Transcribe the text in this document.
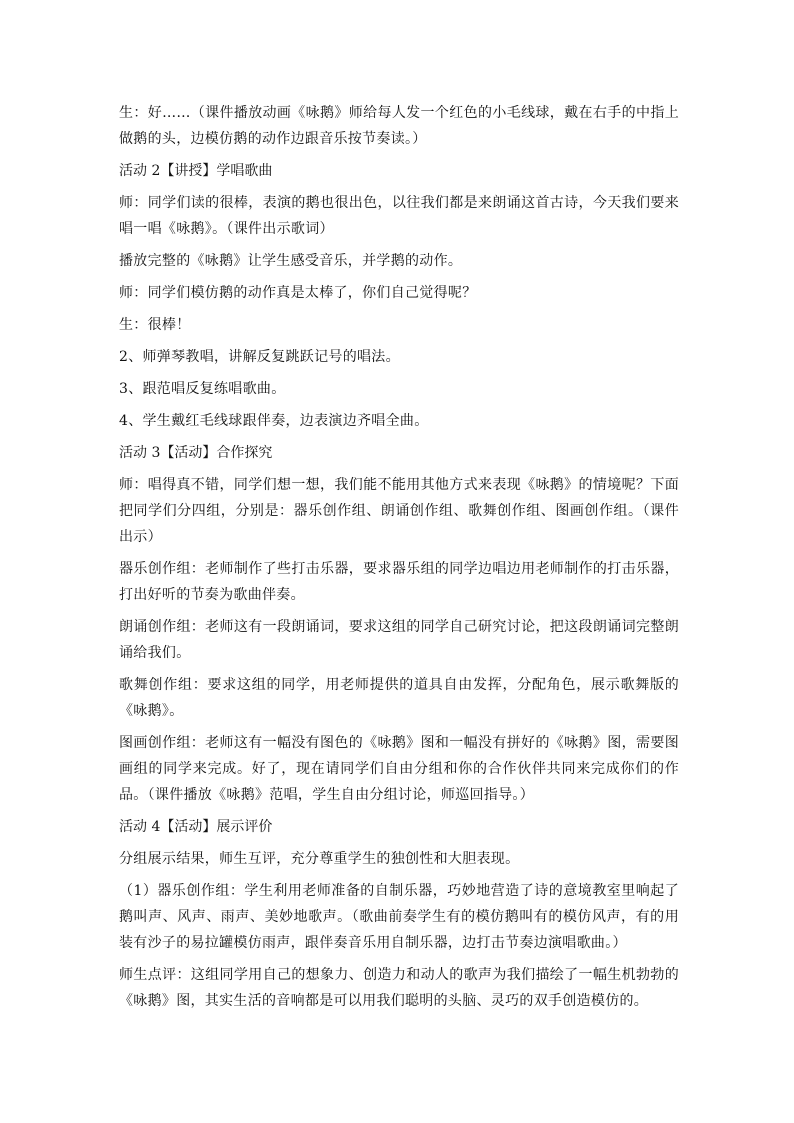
生：好……（课件播放动画《咏鹅》师给每人发一个红色的小毛线球，戴在右手的中指上做鹅的头，边模仿鹅的动作边跟音乐按节奏读。）

活动 2【讲授】学唱歌曲

师：同学们读的很棒，表演的鹅也很出色，以往我们都是来朗诵这首古诗，今天我们要来唱一唱《咏鹅》。（课件出示歌词）

播放完整的《咏鹅》让学生感受音乐，并学鹅的动作。

师：同学们模仿鹅的动作真是太棒了，你们自己觉得呢？

生：很棒！

2、师弹琴教唱，讲解反复跳跃记号的唱法。

3、跟范唱反复练唱歌曲。

4、学生戴红毛线球跟伴奏，边表演边齐唱全曲。

活动 3【活动】合作探究

师：唱得真不错，同学们想一想，我们能不能用其他方式来表现《咏鹅》的情境呢？下面把同学们分四组，分别是：器乐创作组、朗诵创作组、歌舞创作组、图画创作组。（课件出示）

器乐创作组：老师制作了些打击乐器，要求器乐组的同学边唱边用老师制作的打击乐器，打出好听的节奏为歌曲伴奏。

朗诵创作组：老师这有一段朗诵词，要求这组的同学自己研究讨论，把这段朗诵词完整朗诵给我们。

歌舞创作组：要求这组的同学，用老师提供的道具自由发挥，分配角色，展示歌舞版的《咏鹅》。

图画创作组：老师这有一幅没有图色的《咏鹅》图和一幅没有拼好的《咏鹅》图，需要图画组的同学来完成。好了，现在请同学们自由分组和你的合作伙伴共同来完成你们的作品。（课件播放《咏鹅》范唱，学生自由分组讨论，师巡回指导。）

活动 4【活动】展示评价

分组展示结果，师生互评，充分尊重学生的独创性和大胆表现。

（1）器乐创作组：学生利用老师准备的自制乐器，巧妙地营造了诗的意境教室里响起了鹅叫声、风声、雨声、美妙地歌声。（歌曲前奏学生有的模仿鹅叫有的模仿风声，有的用装有沙子的易拉罐模仿雨声，跟伴奏音乐用自制乐器，边打击节奏边演唱歌曲。）

师生点评：这组同学用自己的想象力、创造力和动人的歌声为我们描绘了一幅生机勃勃的《咏鹅》图，其实生活的音响都是可以用我们聪明的头脑、灵巧的双手创造模仿的。
